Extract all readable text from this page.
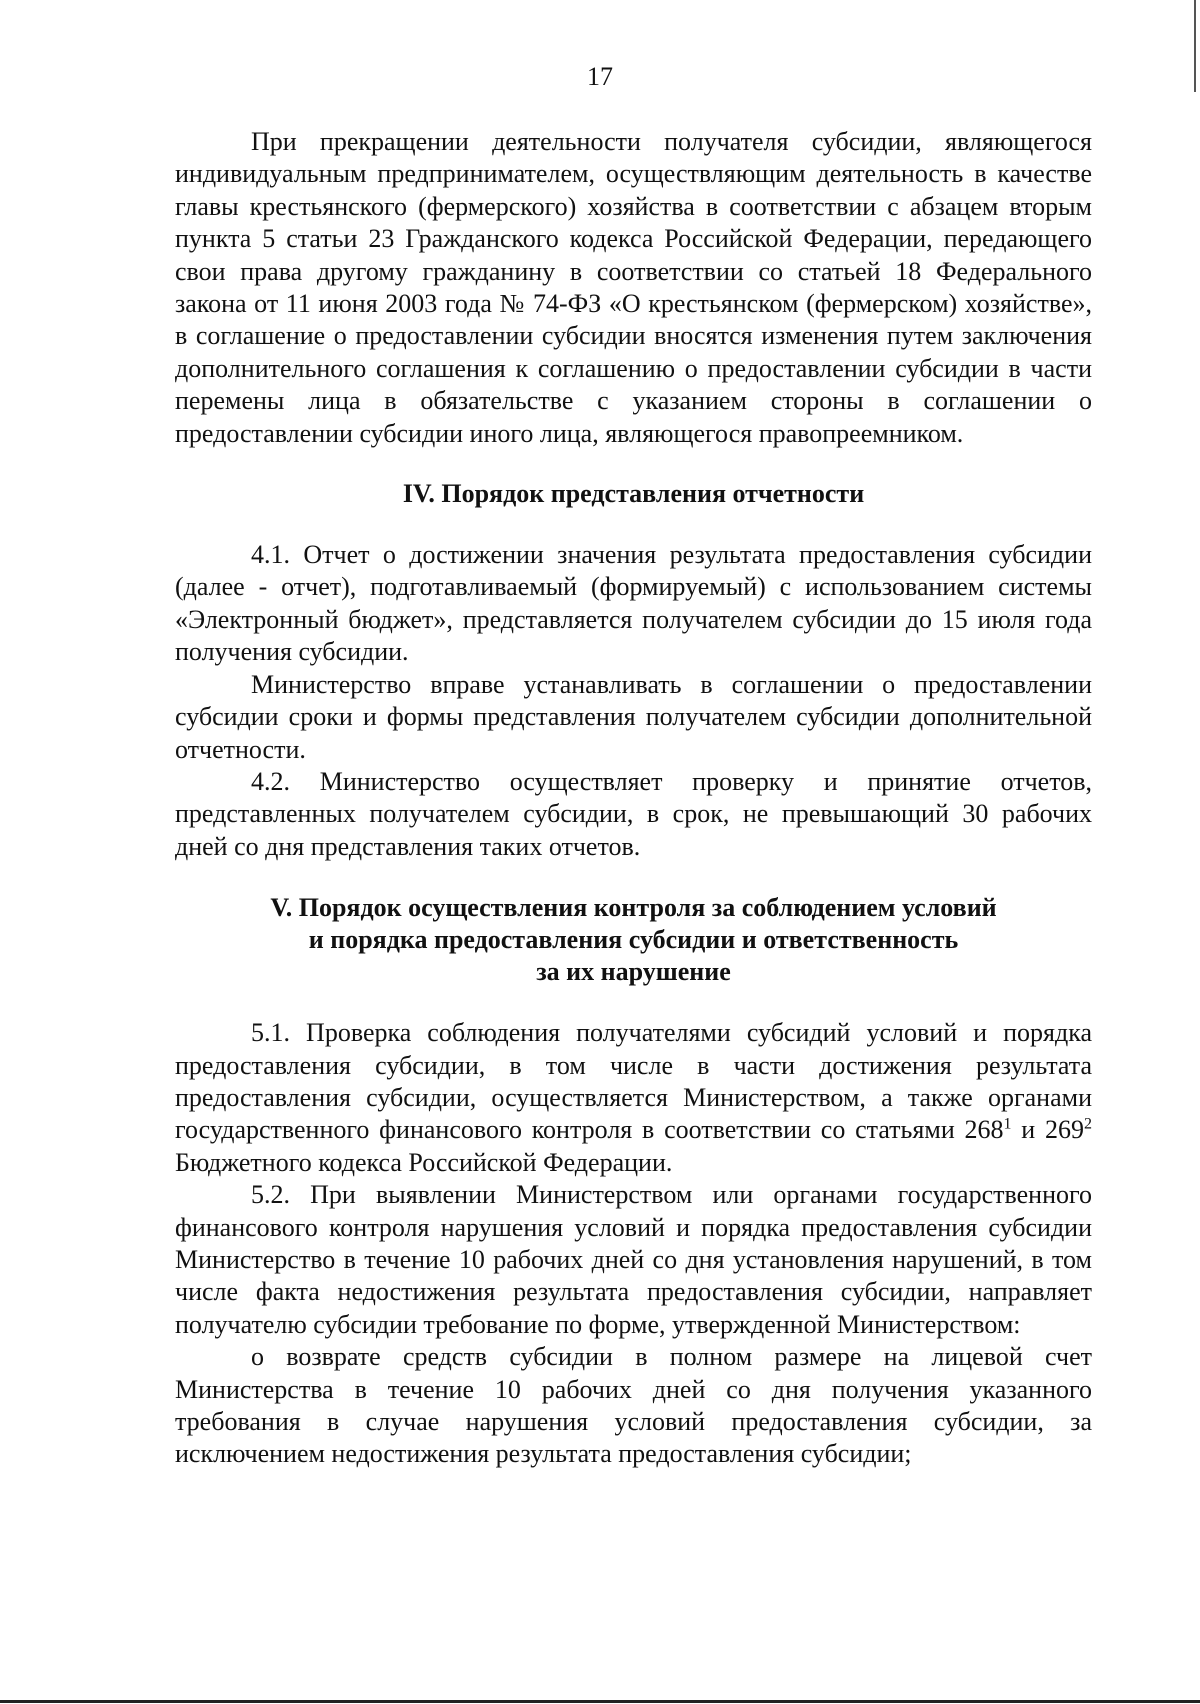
17

При прекращении деятельности получателя субсидии, являющегося индивидуальным предпринимателем, осуществляющим деятельность в качестве главы крестьянского (фермерского) хозяйства в соответствии с абзацем вторым пункта 5 статьи 23 Гражданского кодекса Российской Федерации, передающего свои права другому гражданину в соответствии со статьей 18 Федерального закона от 11 июня 2003 года № 74-ФЗ «О крестьянском (фермерском) хозяйстве», в соглашение о предоставлении субсидии вносятся изменения путем заключения дополнительного соглашения к соглашению о предоставлении субсидии в части перемены лица в обязательстве с указанием стороны в соглашении о предоставлении субсидии иного лица, являющегося правопреемником.

IV. Порядок представления отчетности

4.1. Отчет о достижении значения результата предоставления субсидии (далее - отчет), подготавливаемый (формируемый) с использованием системы «Электронный бюджет», представляется получателем субсидии до 15 июля года получения субсидии.

Министерство вправе устанавливать в соглашении о предоставлении субсидии сроки и формы представления получателем субсидии дополнительной отчетности.

4.2. Министерство осуществляет проверку и принятие отчетов, представленных получателем субсидии, в срок, не превышающий 30 рабочих дней со дня представления таких отчетов.

V. Порядок осуществления контроля за соблюдением условий
и порядка предоставления субсидии и ответственность
за их нарушение

5.1. Проверка соблюдения получателями субсидий условий и порядка предоставления субсидии, в том числе в части достижения результата предоставления субсидии, осуществляется Министерством, а также органами государственного финансового контроля в соответствии со статьями $268^1$ и $269^2$ Бюджетного кодекса Российской Федерации.

5.2. При выявлении Министерством или органами государственного финансового контроля нарушения условий и порядка предоставления субсидии Министерство в течение 10 рабочих дней со дня установления нарушений, в том числе факта недостижения результата предоставления субсидии, направляет получателю субсидии требование по форме, утвержденной Министерством:

о возврате средств субсидии в полном размере на лицевой счет Министерства в течение 10 рабочих дней со дня получения указанного требования в случае нарушения условий предоставления субсидии, за исключением недостижения результата предоставления субсидии;
